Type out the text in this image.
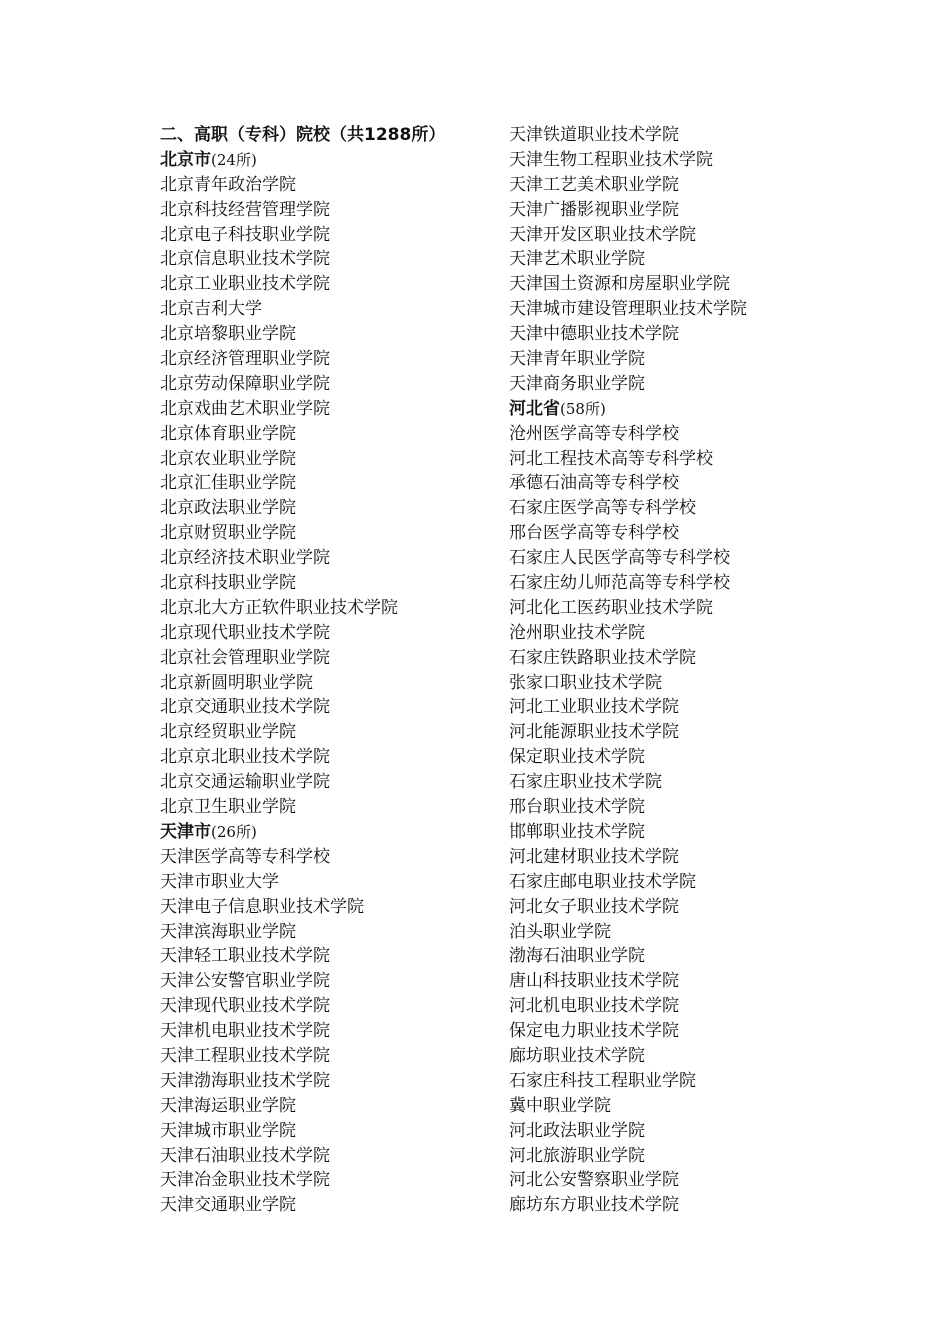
二、高职（专科）院校（共1288所）
北京市(24所)
北京青年政治学院
北京科技经营管理学院
北京电子科技职业学院
北京信息职业技术学院
北京工业职业技术学院
北京吉利大学
北京培黎职业学院
北京经济管理职业学院
北京劳动保障职业学院
北京戏曲艺术职业学院
北京体育职业学院
北京农业职业学院
北京汇佳职业学院
北京政法职业学院
北京财贸职业学院
北京经济技术职业学院
北京科技职业学院
北京北大方正软件职业技术学院
北京现代职业技术学院
北京社会管理职业学院
北京新圆明职业学院
北京交通职业技术学院
北京经贸职业学院
北京京北职业技术学院
北京交通运输职业学院
北京卫生职业学院
天津市(26所)
天津医学高等专科学校
天津市职业大学
天津电子信息职业技术学院
天津滨海职业学院
天津轻工职业技术学院
天津公安警官职业学院
天津现代职业技术学院
天津机电职业技术学院
天津工程职业技术学院
天津渤海职业技术学院
天津海运职业学院
天津城市职业学院
天津石油职业技术学院
天津冶金职业技术学院
天津交通职业学院
天津铁道职业技术学院
天津生物工程职业技术学院
天津工艺美术职业学院
天津广播影视职业学院
天津开发区职业技术学院
天津艺术职业学院
天津国土资源和房屋职业学院
天津城市建设管理职业技术学院
天津中德职业技术学院
天津青年职业学院
天津商务职业学院
河北省(58所)
沧州医学高等专科学校
河北工程技术高等专科学校
承德石油高等专科学校
石家庄医学高等专科学校
邢台医学高等专科学校
石家庄人民医学高等专科学校
石家庄幼儿师范高等专科学校
河北化工医药职业技术学院
沧州职业技术学院
石家庄铁路职业技术学院
张家口职业技术学院
河北工业职业技术学院
河北能源职业技术学院
保定职业技术学院
石家庄职业技术学院
邢台职业技术学院
邯郸职业技术学院
河北建材职业技术学院
石家庄邮电职业技术学院
河北女子职业技术学院
泊头职业学院
渤海石油职业学院
唐山科技职业技术学院
河北机电职业技术学院
保定电力职业技术学院
廊坊职业技术学院
石家庄科技工程职业学院
冀中职业学院
河北政法职业学院
河北旅游职业学院
河北公安警察职业学院
廊坊东方职业技术学院
